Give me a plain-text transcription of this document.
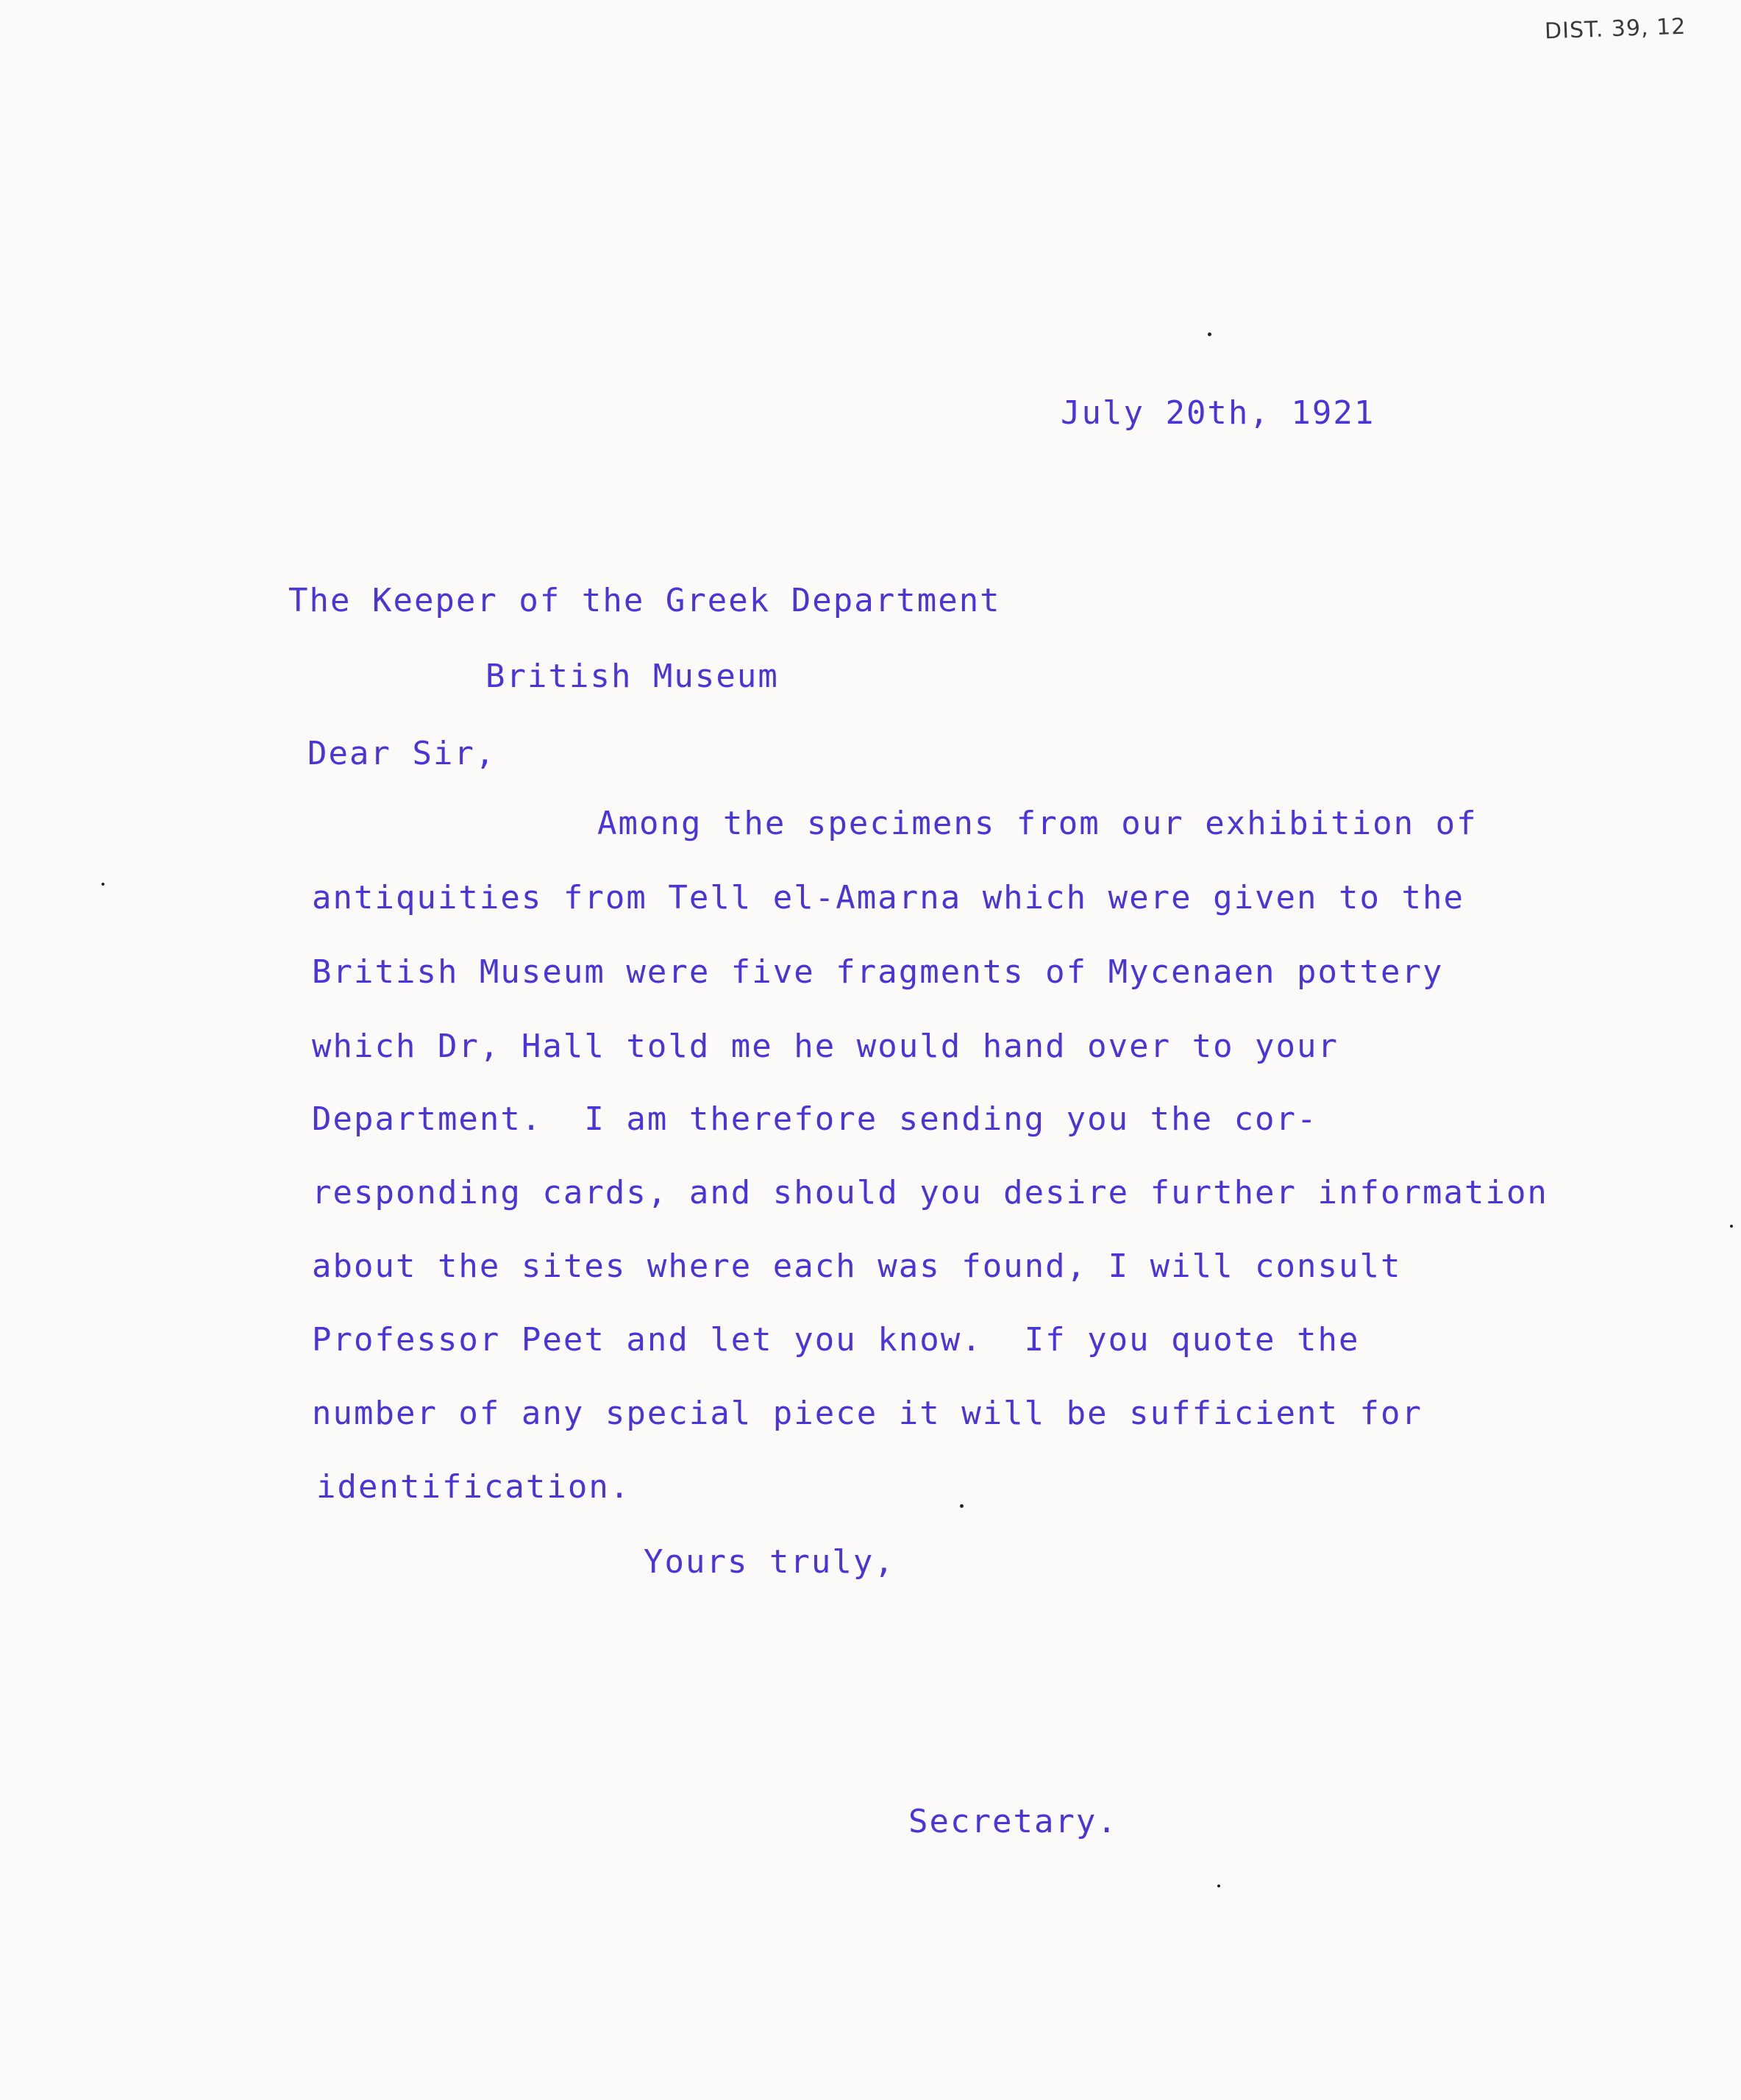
DIST. 39, 12
July 20th, 1921
The Keeper of the Greek Department
British Museum
Dear Sir,
Among the specimens from our exhibition of
antiquities from Tell el-Amarna which were given to the
British Museum were five fragments of Mycenaen pottery
which Dr, Hall told me he would hand over to your
Department.  I am therefore sending you the cor-
responding cards, and should you desire further information
about the sites where each was found, I will consult
Professor Peet and let you know.  If you quote the
number of any special piece it will be sufficient for
identification.
Yours truly,
Secretary.
